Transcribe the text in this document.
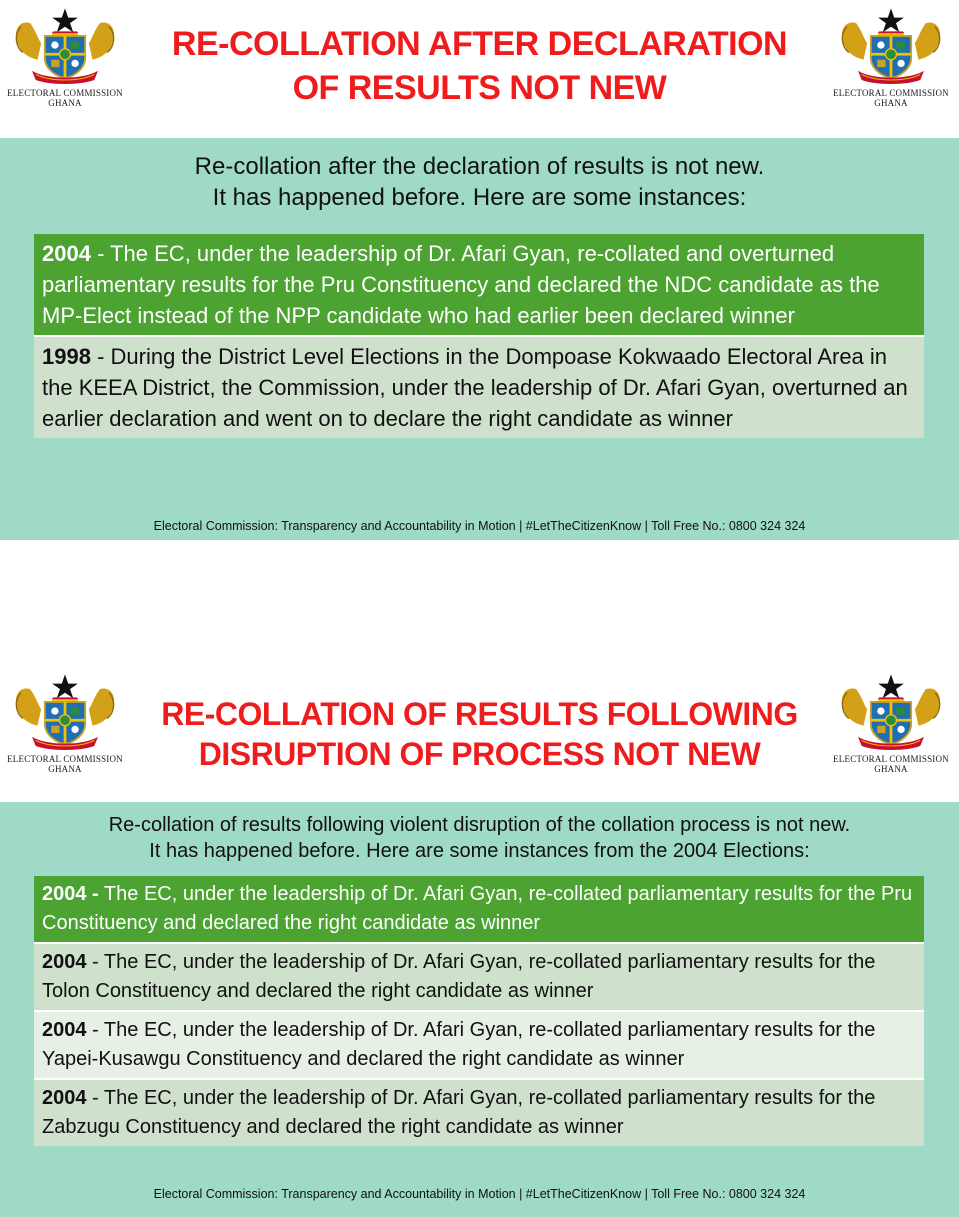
ELECTORAL COMMISSION
GHANA
RE-COLLATION AFTER DECLARATION
OF RESULTS NOT NEW	ELECTORAL COMMISSION
GHANA

Re-collation after the declaration of results is not new.
It has happened before. Here are some instances:

2004 - The EC, under the leadership of Dr. Afari Gyan, re-collated and overturned parliamentary results for the Pru Constituency and declared the NDC candidate as the MP-Elect instead of the NPP candidate who had earlier been declared winner
1998 - During the District Level Elections in the Dompoase Kokwaado Electoral Area in the KEEA District, the Commission, under the leadership of Dr. Afari Gyan, overturned an earlier declaration and went on to declare the right candidate as winner

Electoral Commission: Transparency and Accountability in Motion | #LetTheCitizenKnow | Toll Free No.: 0800 324 324

ELECTORAL COMMISSION
GHANA
RE-COLLATION OF RESULTS FOLLOWING
DISRUPTION OF PROCESS NOT NEW	ELECTORAL COMMISSION
GHANA

Re-collation of results following violent disruption of the collation process is not new.
It has happened before. Here are some instances from the 2004 Elections:

2004 - The EC, under the leadership of Dr. Afari Gyan, re-collated parliamentary results for the Pru Constituency and declared the right candidate as winner
2004 - The EC, under the leadership of Dr. Afari Gyan, re-collated parliamentary results for the Tolon Constituency and declared the right candidate as winner
2004 - The EC, under the leadership of Dr. Afari Gyan, re-collated parliamentary results for the Yapei-Kusawgu Constituency and declared the right candidate as winner
2004 - The EC, under the leadership of Dr. Afari Gyan, re-collated parliamentary results for the Zabzugu Constituency and declared the right candidate as winner

Electoral Commission: Transparency and Accountability in Motion | #LetTheCitizenKnow | Toll Free No.: 0800 324 324
